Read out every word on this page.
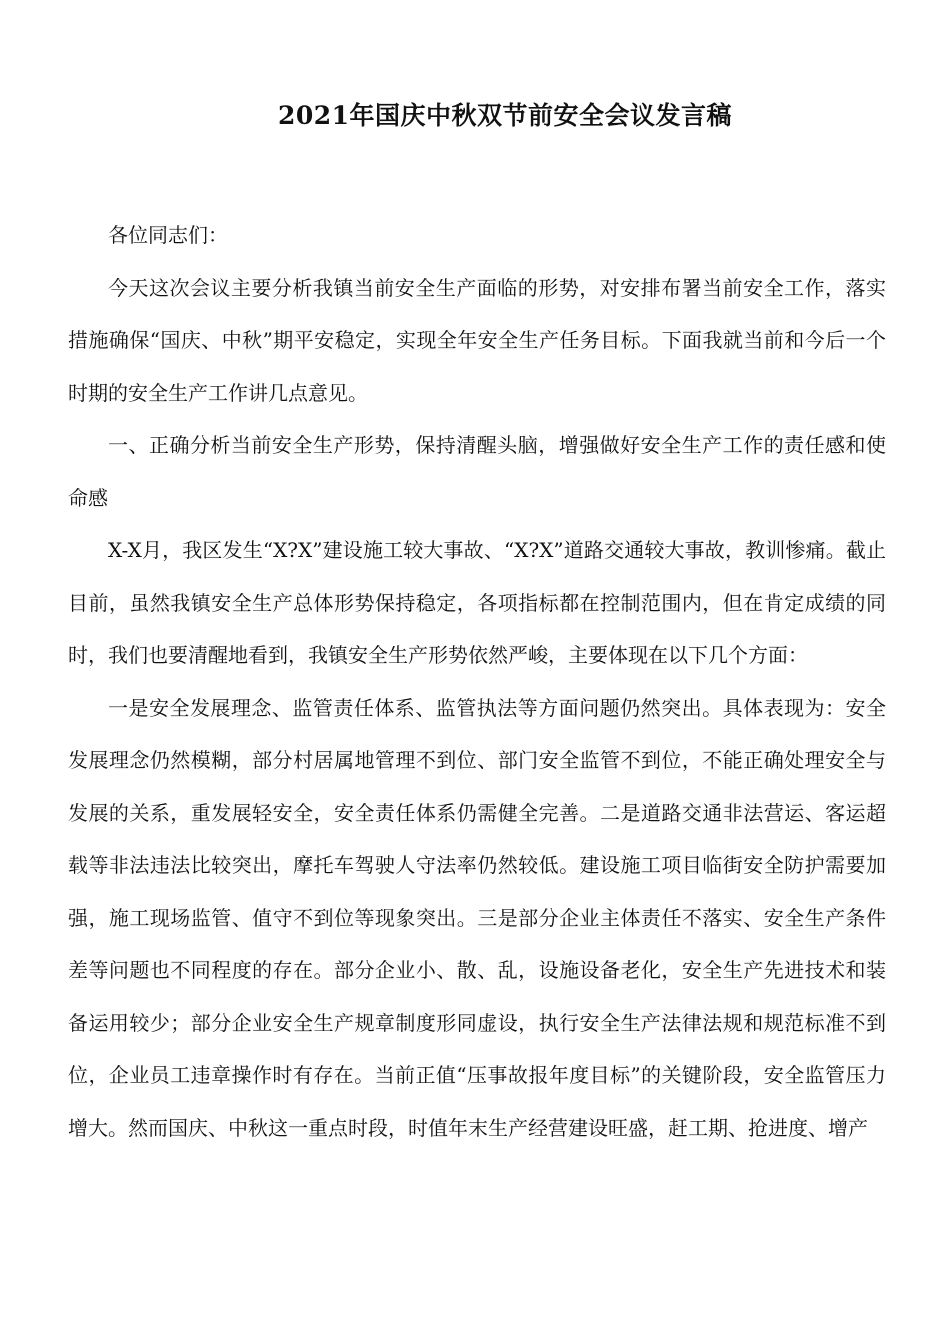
2021年国庆中秋双节前安全会议发言稿

各位同志们：

今天这次会议主要分析我镇当前安全生产面临的形势，对安排布署当前安全工作，落实措施确保“国庆、中秋”期平安稳定，实现全年安全生产任务目标。下面我就当前和今后一个时期的安全生产工作讲几点意见。

一、正确分析当前安全生产形势，保持清醒头脑，增强做好安全生产工作的责任感和使命感

X-X月，我区发生“X?X”建设施工较大事故、“X?X”道路交通较大事故，教训惨痛。截止目前，虽然我镇安全生产总体形势保持稳定，各项指标都在控制范围内，但在肯定成绩的同时，我们也要清醒地看到，我镇安全生产形势依然严峻，主要体现在以下几个方面：

一是安全发展理念、监管责任体系、监管执法等方面问题仍然突出。具体表现为：安全发展理念仍然模糊，部分村居属地管理不到位、部门安全监管不到位，不能正确处理安全与发展的关系，重发展轻安全，安全责任体系仍需健全完善。二是道路交通非法营运、客运超载等非法违法比较突出，摩托车驾驶人守法率仍然较低。建设施工项目临街安全防护需要加强，施工现场监管、值守不到位等现象突出。三是部分企业主体责任不落实、安全生产条件差等问题也不同程度的存在。部分企业小、散、乱，设施设备老化，安全生产先进技术和装备运用较少；部分企业安全生产规章制度形同虚设，执行安全生产法律法规和规范标准不到位，企业员工违章操作时有存在。当前正值“压事故报年度目标”的关键阶段，安全监管压力增大。然而国庆、中秋这一重点时段，时值年末生产经营建设旺盛，赶工期、抢进度、增产
